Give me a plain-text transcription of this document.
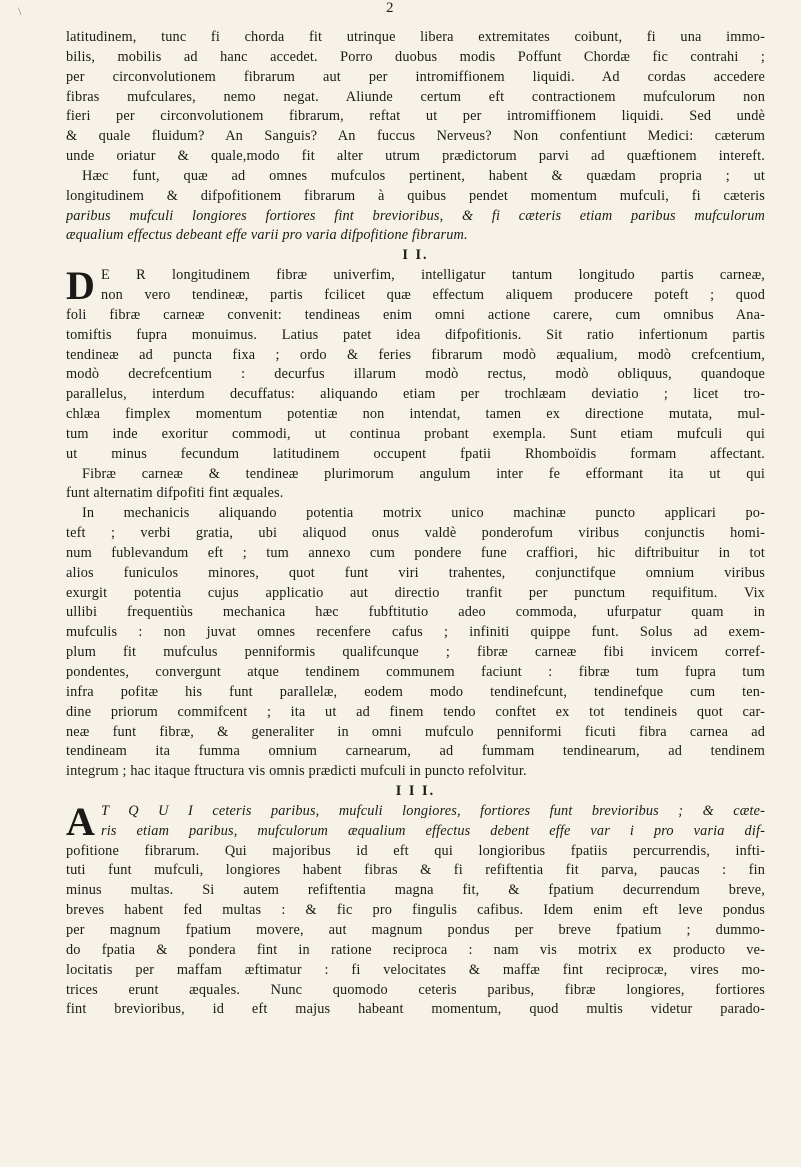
\	2
latitudinem, tunc fi chorda fit utrinque libera extremitates coibunt, fi una immo-
bilis, mobilis ad hanc accedet. Porro duobus modis Poffunt Chordæ fic contrahi ;
per circonvolutionem fibrarum aut per intromiffionem liquidi. Ad cordas accedere
fibras mufculares, nemo negat. Aliunde certum eft contractionem mufculorum non
fieri per circonvolutionem fibrarum, reftat ut per intromiffionem liquidi. Sed undè
& quale fluidum? An Sanguis? An fuccus Nerveus? Non confentiunt Medici: cæterum
unde oriatur & quale,modo fit alter utrum prædictorum parvi ad quæftionem intereft.
Hæc funt, quæ ad omnes mufculos pertinent, habent & quædam propria ; ut
longitudinem & difpofitionem fibrarum à quibus pendet momentum mufculi, fi cæteris
paribus mufculi longiores fortiores fint brevioribus, & fi cæteris etiam paribus mufculorum
æqualium effectus debeant effe varii pro varia difpofitione fibrarum.
I I.
D E R longitudinem fibræ univerfim, intelligatur tantum longitudo partis carneæ,
non vero tendineæ, partis fcilicet quæ effectum aliquem producere poteft ; quod
foli fibræ carneæ convenit: tendineas enim omni actione carere, cum omnibus Ana-
tomiftis fupra monuimus. Latius patet idea difpofitionis. Sit ratio infertionum partis
tendineæ ad puncta fixa ; ordo & feries fibrarum modò æqualium, modò crefcentium,
modò decrefcentium : decurfus illarum modò rectus, modò obliquus, quandoque
parallelus, interdum decuffatus: aliquando etiam per trochlæam deviatio ; licet tro-
chlæa fimplex momentum potentiæ non intendat, tamen ex directione mutata, mul-
tum inde exoritur commodi, ut continua probant exempla. Sunt etiam mufculi qui
ut minus fecundum latitudinem occupent fpatii Rhomboïdis formam affectant.
Fibræ carneæ & tendineæ plurimorum angulum inter fe efformant ita ut qui
funt alternatim difpofiti fint æquales.
In mechanicis aliquando potentia motrix unico machinæ puncto applicari po-
teft ; verbi gratia, ubi aliquod onus valdè ponderofum viribus conjunctis homi-
num fublevandum eft ; tum annexo cum pondere fune craffiori, hic diftribuitur in tot
alios funiculos minores, quot funt viri trahentes, conjunctifque omnium viribus
exurgit potentia cujus applicatio aut directio tranfit per punctum requifitum. Vix
ullibi frequentiùs mechanica hæc fubftitutio adeo commoda, ufurpatur quam in
mufculis : non juvat omnes recenfere cafus ; infiniti quippe funt. Solus ad exem-
plum fit mufculus penniformis qualifcunque ; fibræ carneæ fibi invicem corref-
pondentes, convergunt atque tendinem communem faciunt : fibræ tum fupra tum
infra pofitæ his funt parallelæ, eodem modo tendinefcunt, tendinefque cum ten-
dine priorum commifcent ; ita ut ad finem tendo conftet ex tot tendineis quot car-
neæ funt fibræ, & generaliter in omni mufculo penniformi ficuti fibra carnea ad
tendineam ita fumma omnium carnearum, ad fummam tendinearum, ad tendinem
integrum ; hac itaque ftructura vis omnis prædicti mufculi in puncto refolvitur.
I I I.
A T Q U I ceteris paribus, mufculi longiores, fortiores funt brevioribus ; & cæte-
ris etiam paribus, mufculorum æqualium effectus debent effe var i pro varia dif-
pofitione fibrarum. Qui majoribus id eft qui longioribus fpatiis percurrendis, infti-
tuti funt mufculi, longiores habent fibras & fi refiftentia fit parva, paucas : fin
minus multas. Si autem refiftentia magna fit, & fpatium decurrendum breve,
breves habent fed multas : & fic pro fingulis cafibus. Idem enim eft leve pondus
per magnum fpatium movere, aut magnum pondus per breve fpatium ; dummo-
do fpatia & pondera fint in ratione reciproca : nam vis motrix ex producto ve-
locitatis per maffam æftimatur : fi velocitates & maffæ fint reciprocæ, vires mo-
trices erunt æquales. Nunc quomodo ceteris paribus, fibræ longiores, fortiores
fint brevioribus, id eft majus habeant momentum, quod multis videtur parado-
